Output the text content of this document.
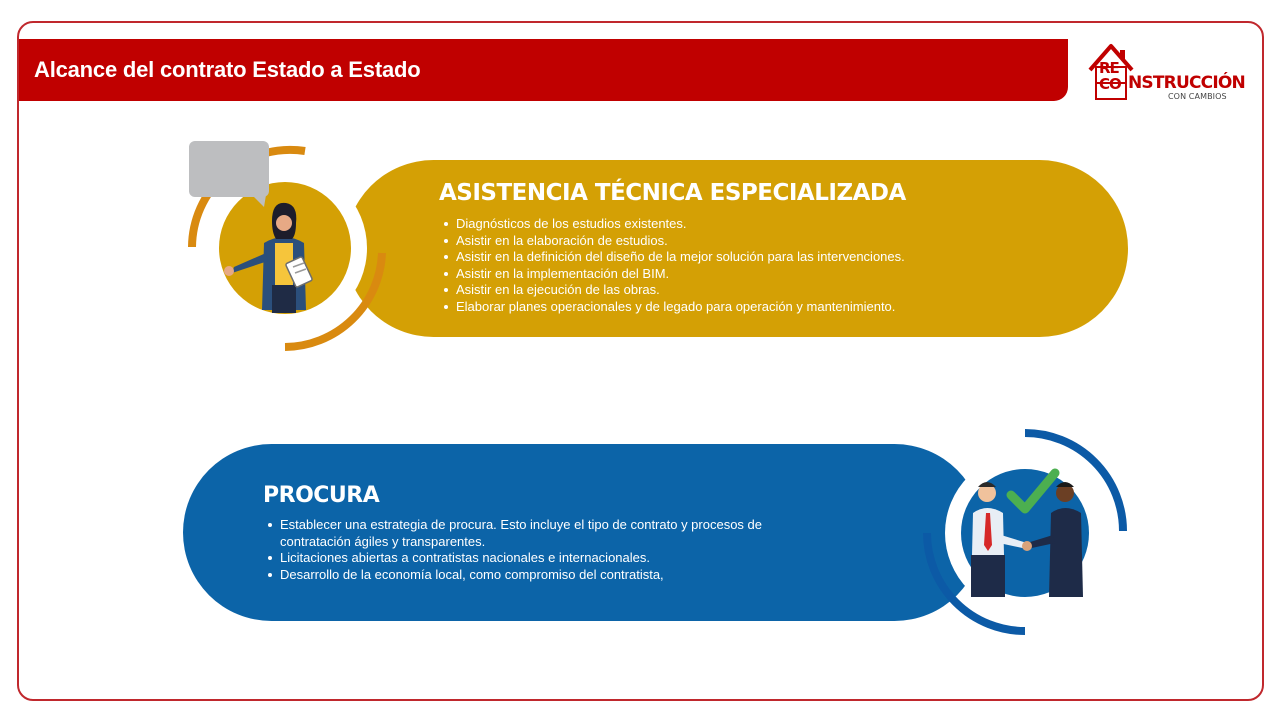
Alcance del contrato Estado a Estado	RE
CO NSTRUCCIÓN
CON CAMBIOS
ASISTENCIA TÉCNICA ESPECIALIZADA
Diagnósticos de los estudios existentes.
Asistir en la elaboración de estudios.
Asistir en la definición del diseño de la mejor solución para las intervenciones.
Asistir en la implementación del BIM.
Asistir en la ejecución de las obras.
Elaborar planes operacionales y de legado para operación y mantenimiento.
PROCURA
Establecer una estrategia de procura. Esto incluye el tipo de contrato y procesos de contratación ágiles y transparentes.
Licitaciones abiertas a contratistas nacionales e internacionales.
Desarrollo de la economía local, como compromiso del contratista,
